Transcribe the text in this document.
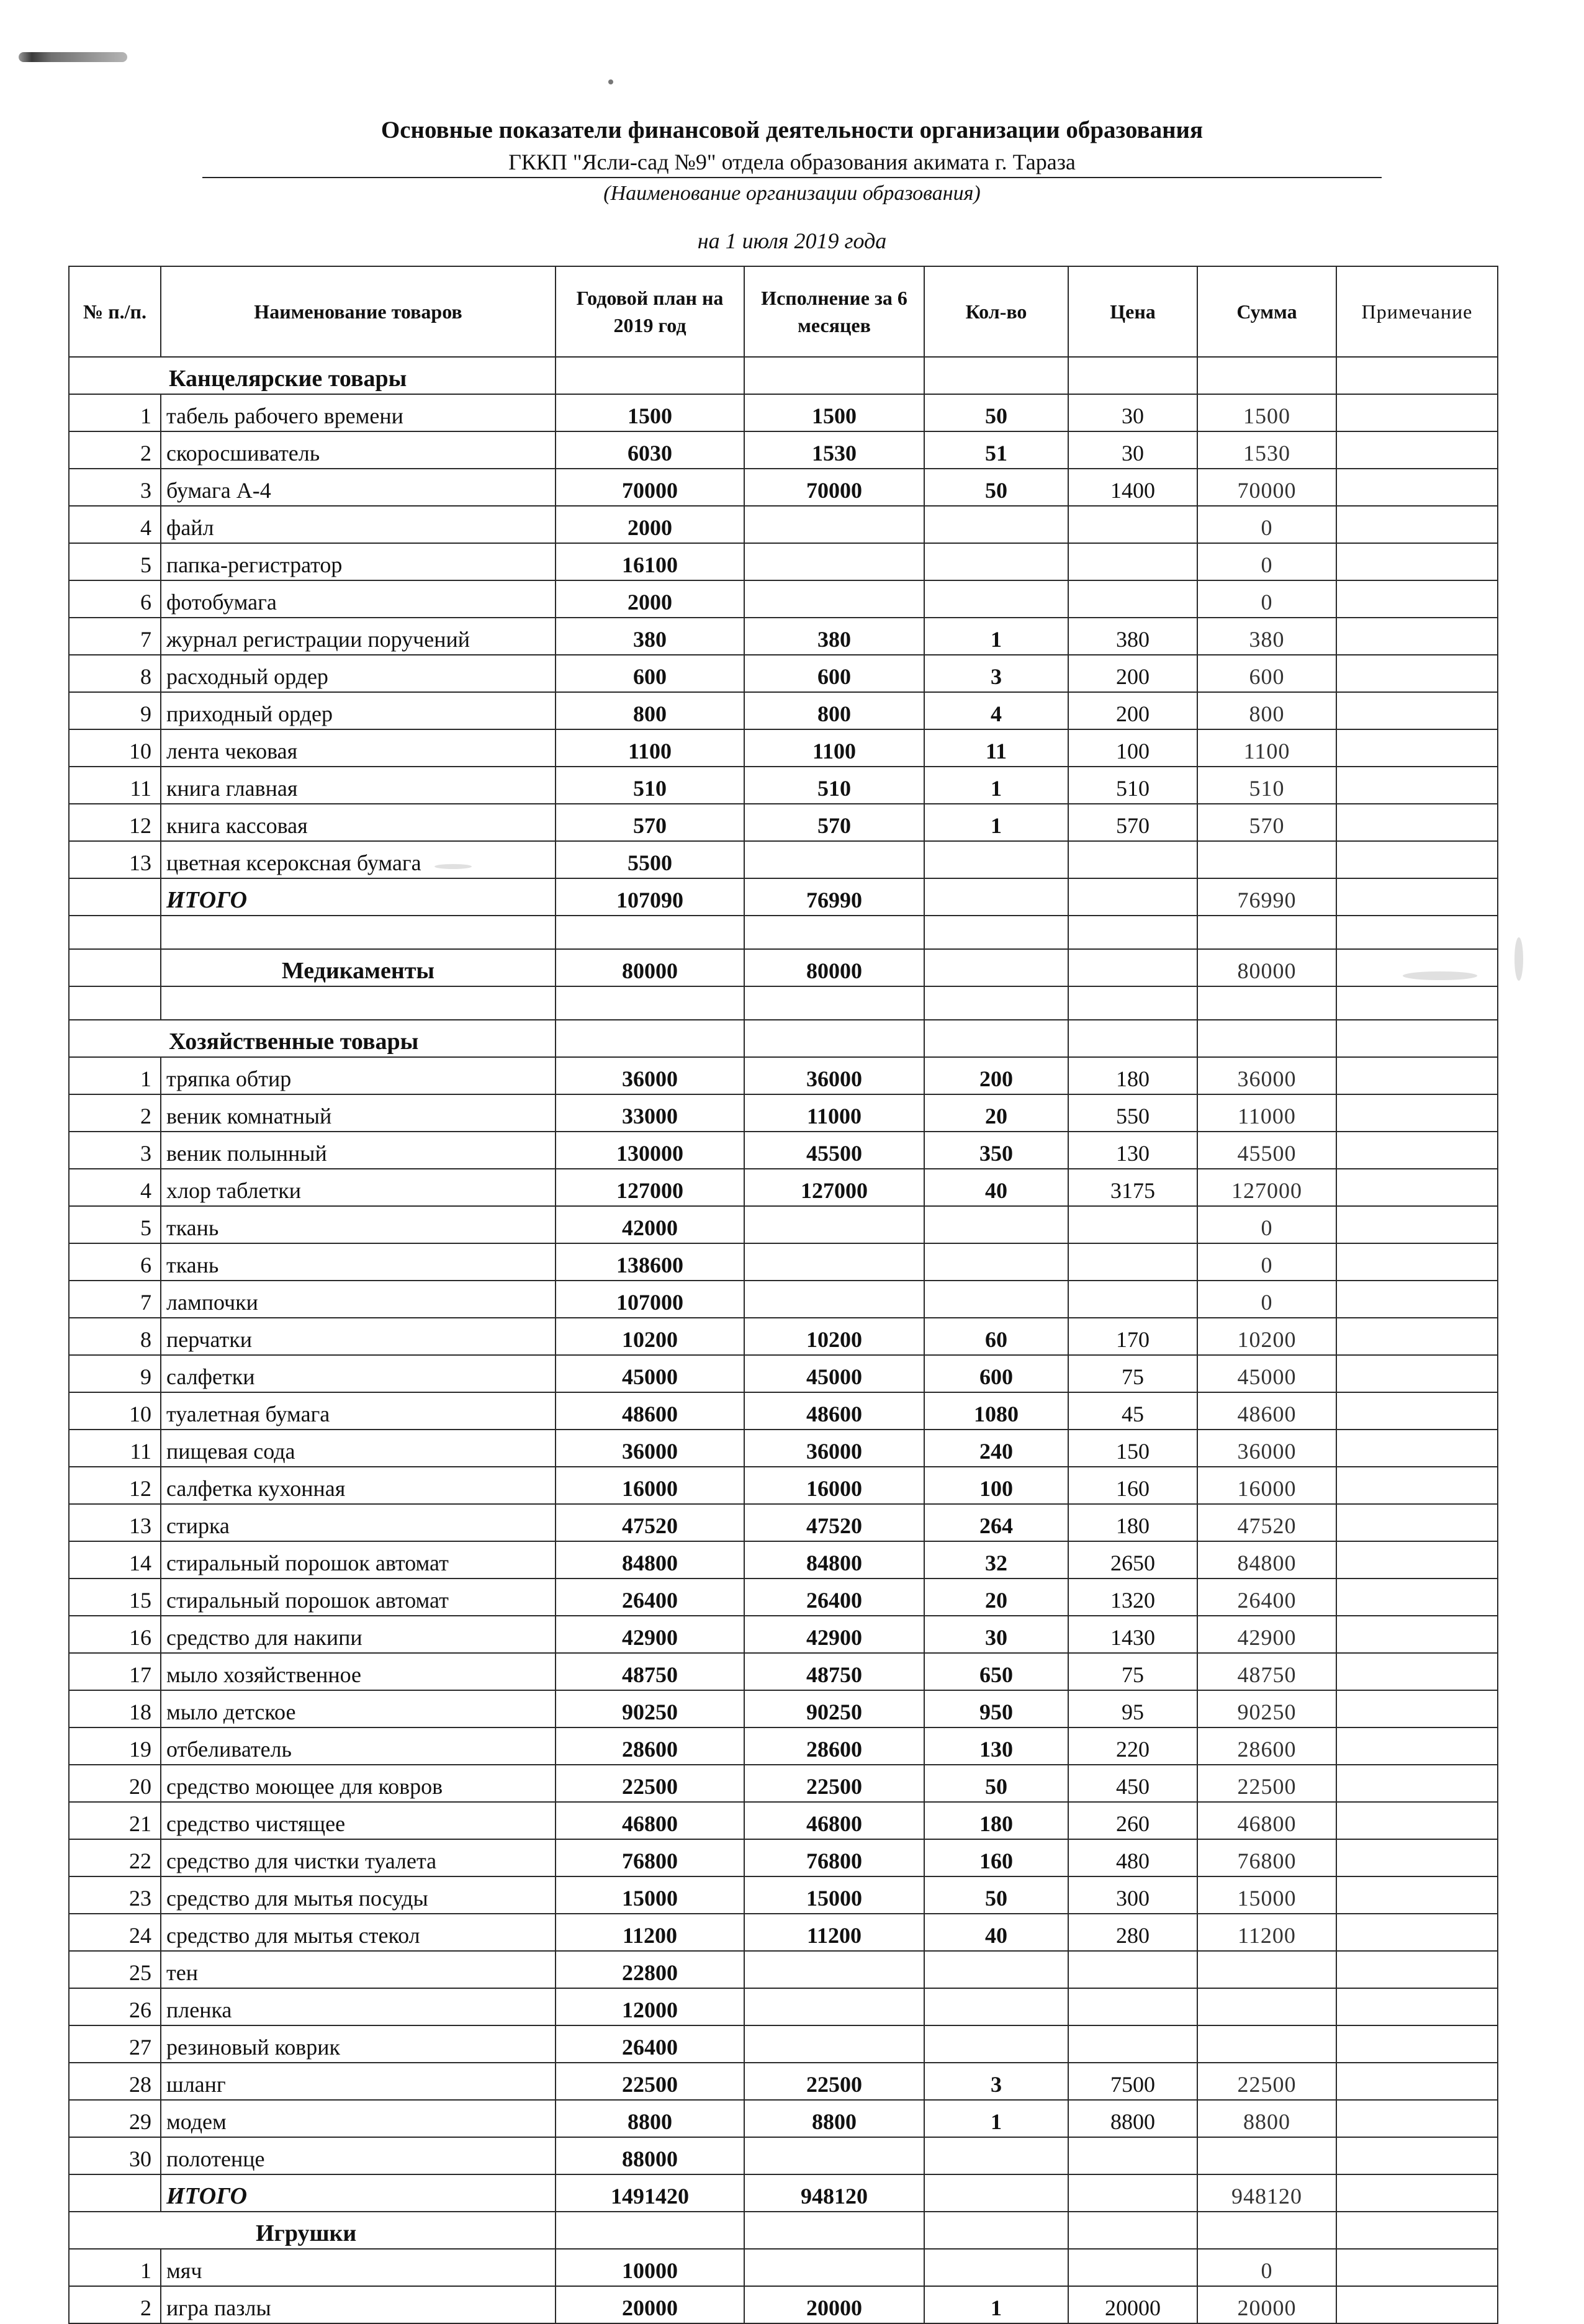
Основные показатели финансовой деятельности организации образования
ГККП "Ясли-сад №9" отдела образования акимата г. Тараза
(Наименование организации образования)
на 1 июля 2019 года
№ п./п.	Наименование товаров	Годовой план на 2019 год	Исполнение за 6 месяцев	Кол-во	Цена	Сумма	Примечание
Канцелярские товары							
1	табель рабочего времени	1500	1500	50	30	1500	
2	скоросшиватель	6030	1530	51	30	1530	
3	бумага А-4	70000	70000	50	1400	70000	
4	файл	2000				0	
5	папка-регистратор	16100				0	
6	фотобумага	2000				0	
7	журнал регистрации поручений	380	380	1	380	380	
8	расходный ордер	600	600	3	200	600	
9	приходный ордер	800	800	4	200	800	
10	лента чековая	1100	1100	11	100	1100	
11	книга главная	510	510	1	510	510	
12	книга кассовая	570	570	1	570	570	
13	цветная ксероксная бумага	5500					
	ИТОГО	107090	76990			76990	

	Медикаменты	80000	80000			80000	

Хозяйственные товары							
1	тряпка обтир	36000	36000	200	180	36000	
2	веник комнатный	33000	11000	20	550	11000	
3	веник полынный	130000	45500	350	130	45500	
4	хлор таблетки	127000	127000	40	3175	127000	
5	ткань	42000				0	
6	ткань	138600				0	
7	лампочки	107000				0	
8	перчатки	10200	10200	60	170	10200	
9	салфетки	45000	45000	600	75	45000	
10	туалетная бумага	48600	48600	1080	45	48600	
11	пищевая сода	36000	36000	240	150	36000	
12	салфетка кухонная	16000	16000	100	160	16000	
13	стирка	47520	47520	264	180	47520	
14	стиральный порошок автомат	84800	84800	32	2650	84800	
15	стиральный порошок автомат	26400	26400	20	1320	26400	
16	средство для накипи	42900	42900	30	1430	42900	
17	мыло хозяйственное	48750	48750	650	75	48750	
18	мыло детское	90250	90250	950	95	90250	
19	отбеливатель	28600	28600	130	220	28600	
20	средство моющее для ковров	22500	22500	50	450	22500	
21	средство чистящее	46800	46800	180	260	46800	
22	средство для чистки туалета	76800	76800	160	480	76800	
23	средство для мытья посуды	15000	15000	50	300	15000	
24	средство для мытья стекол	11200	11200	40	280	11200	
25	тен	22800					
26	пленка	12000					
27	резиновый коврик	26400					
28	шланг	22500	22500	3	7500	22500	
29	модем	8800	8800	1	8800	8800	
30	полотенце	88000					
	ИТОГО	1491420	948120			948120	
Игрушки							
1	мяч	10000				0	
2	игра пазлы	20000	20000	1	20000	20000	
